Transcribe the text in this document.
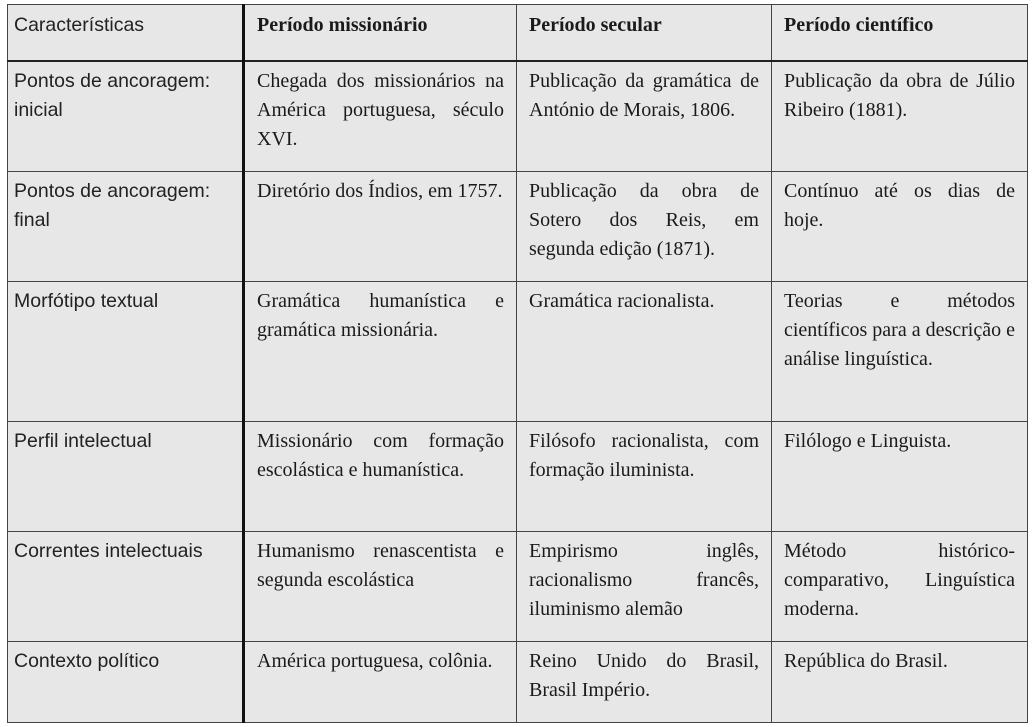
Características	Período missionário	Período secular	Período científico
Pontos de ancoragem: inicial	Chegada dos missionários na América portuguesa, século XVI.	Publicação da gramática de António de Morais, 1806.	Publicação da obra de Júlio Ribeiro (1881).
Pontos de ancoragem: final	Diretório dos Índios, em 1757.	Publicação da obra de Sotero dos Reis, em segunda edição (1871).	Contínuo até os dias de hoje.
Morfótipo textual	Gramática humanística e gramática missionária.	Gramática racionalista.	Teorias e métodos científicos para a descrição e análise linguística.
Perfil intelectual	Missionário com formação escolástica e humanística.	Filósofo racionalista, com formação iluminista.	Filólogo e Linguista.
Correntes intelectuais	Humanismo renascentista e segunda escolástica	Empirismo inglês, racionalismo francês, iluminismo alemão	Método histórico-comparativo, Linguística moderna.
Contexto político	América portuguesa, colônia.	Reino Unido do Brasil, Brasil Império.	República do Brasil.
